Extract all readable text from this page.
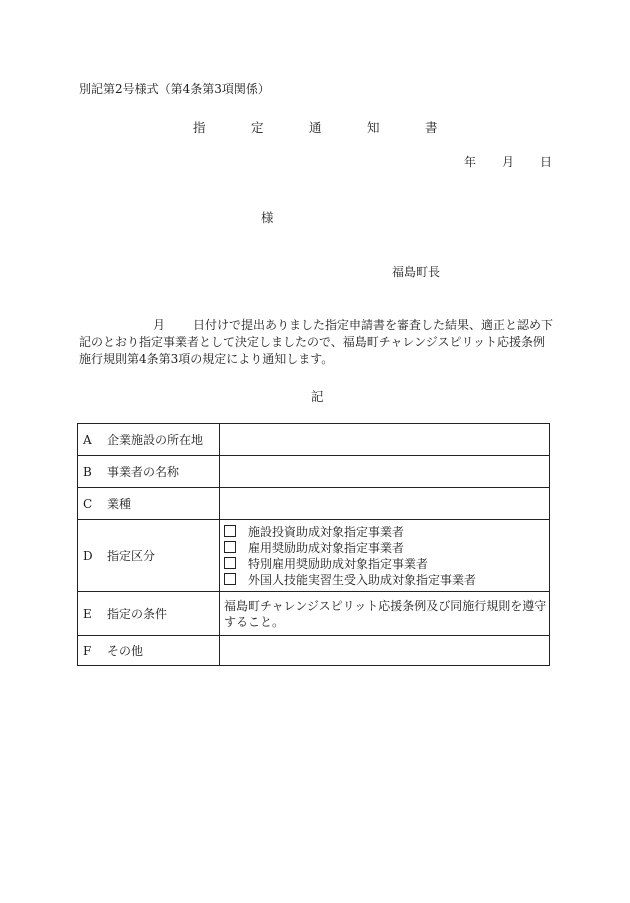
別記第2号様式（第4条第3項関係）
指	定	通	知	書
年 月 日
様
福島町長
月 日付けで提出ありました指定申請書を審査した結果、適正と認め下
記のとおり指定事業者として決定しましたので、福島町チャレンジスピリット応援条例
施行規則第4条第3項の規定により通知します。
記
A 企業施設の所在地	
B 事業者の名称	
C 業種	
D 指定区分	施設投資助成対象指定事業者
雇用奨励助成対象指定事業者
特別雇用奨励助成対象指定事業者
外国人技能実習生受入助成対象指定事業者

E 指定の条件	福島町チャレンジスピリット応援条例及び同施行規則を遵守
すること。

F その他	
